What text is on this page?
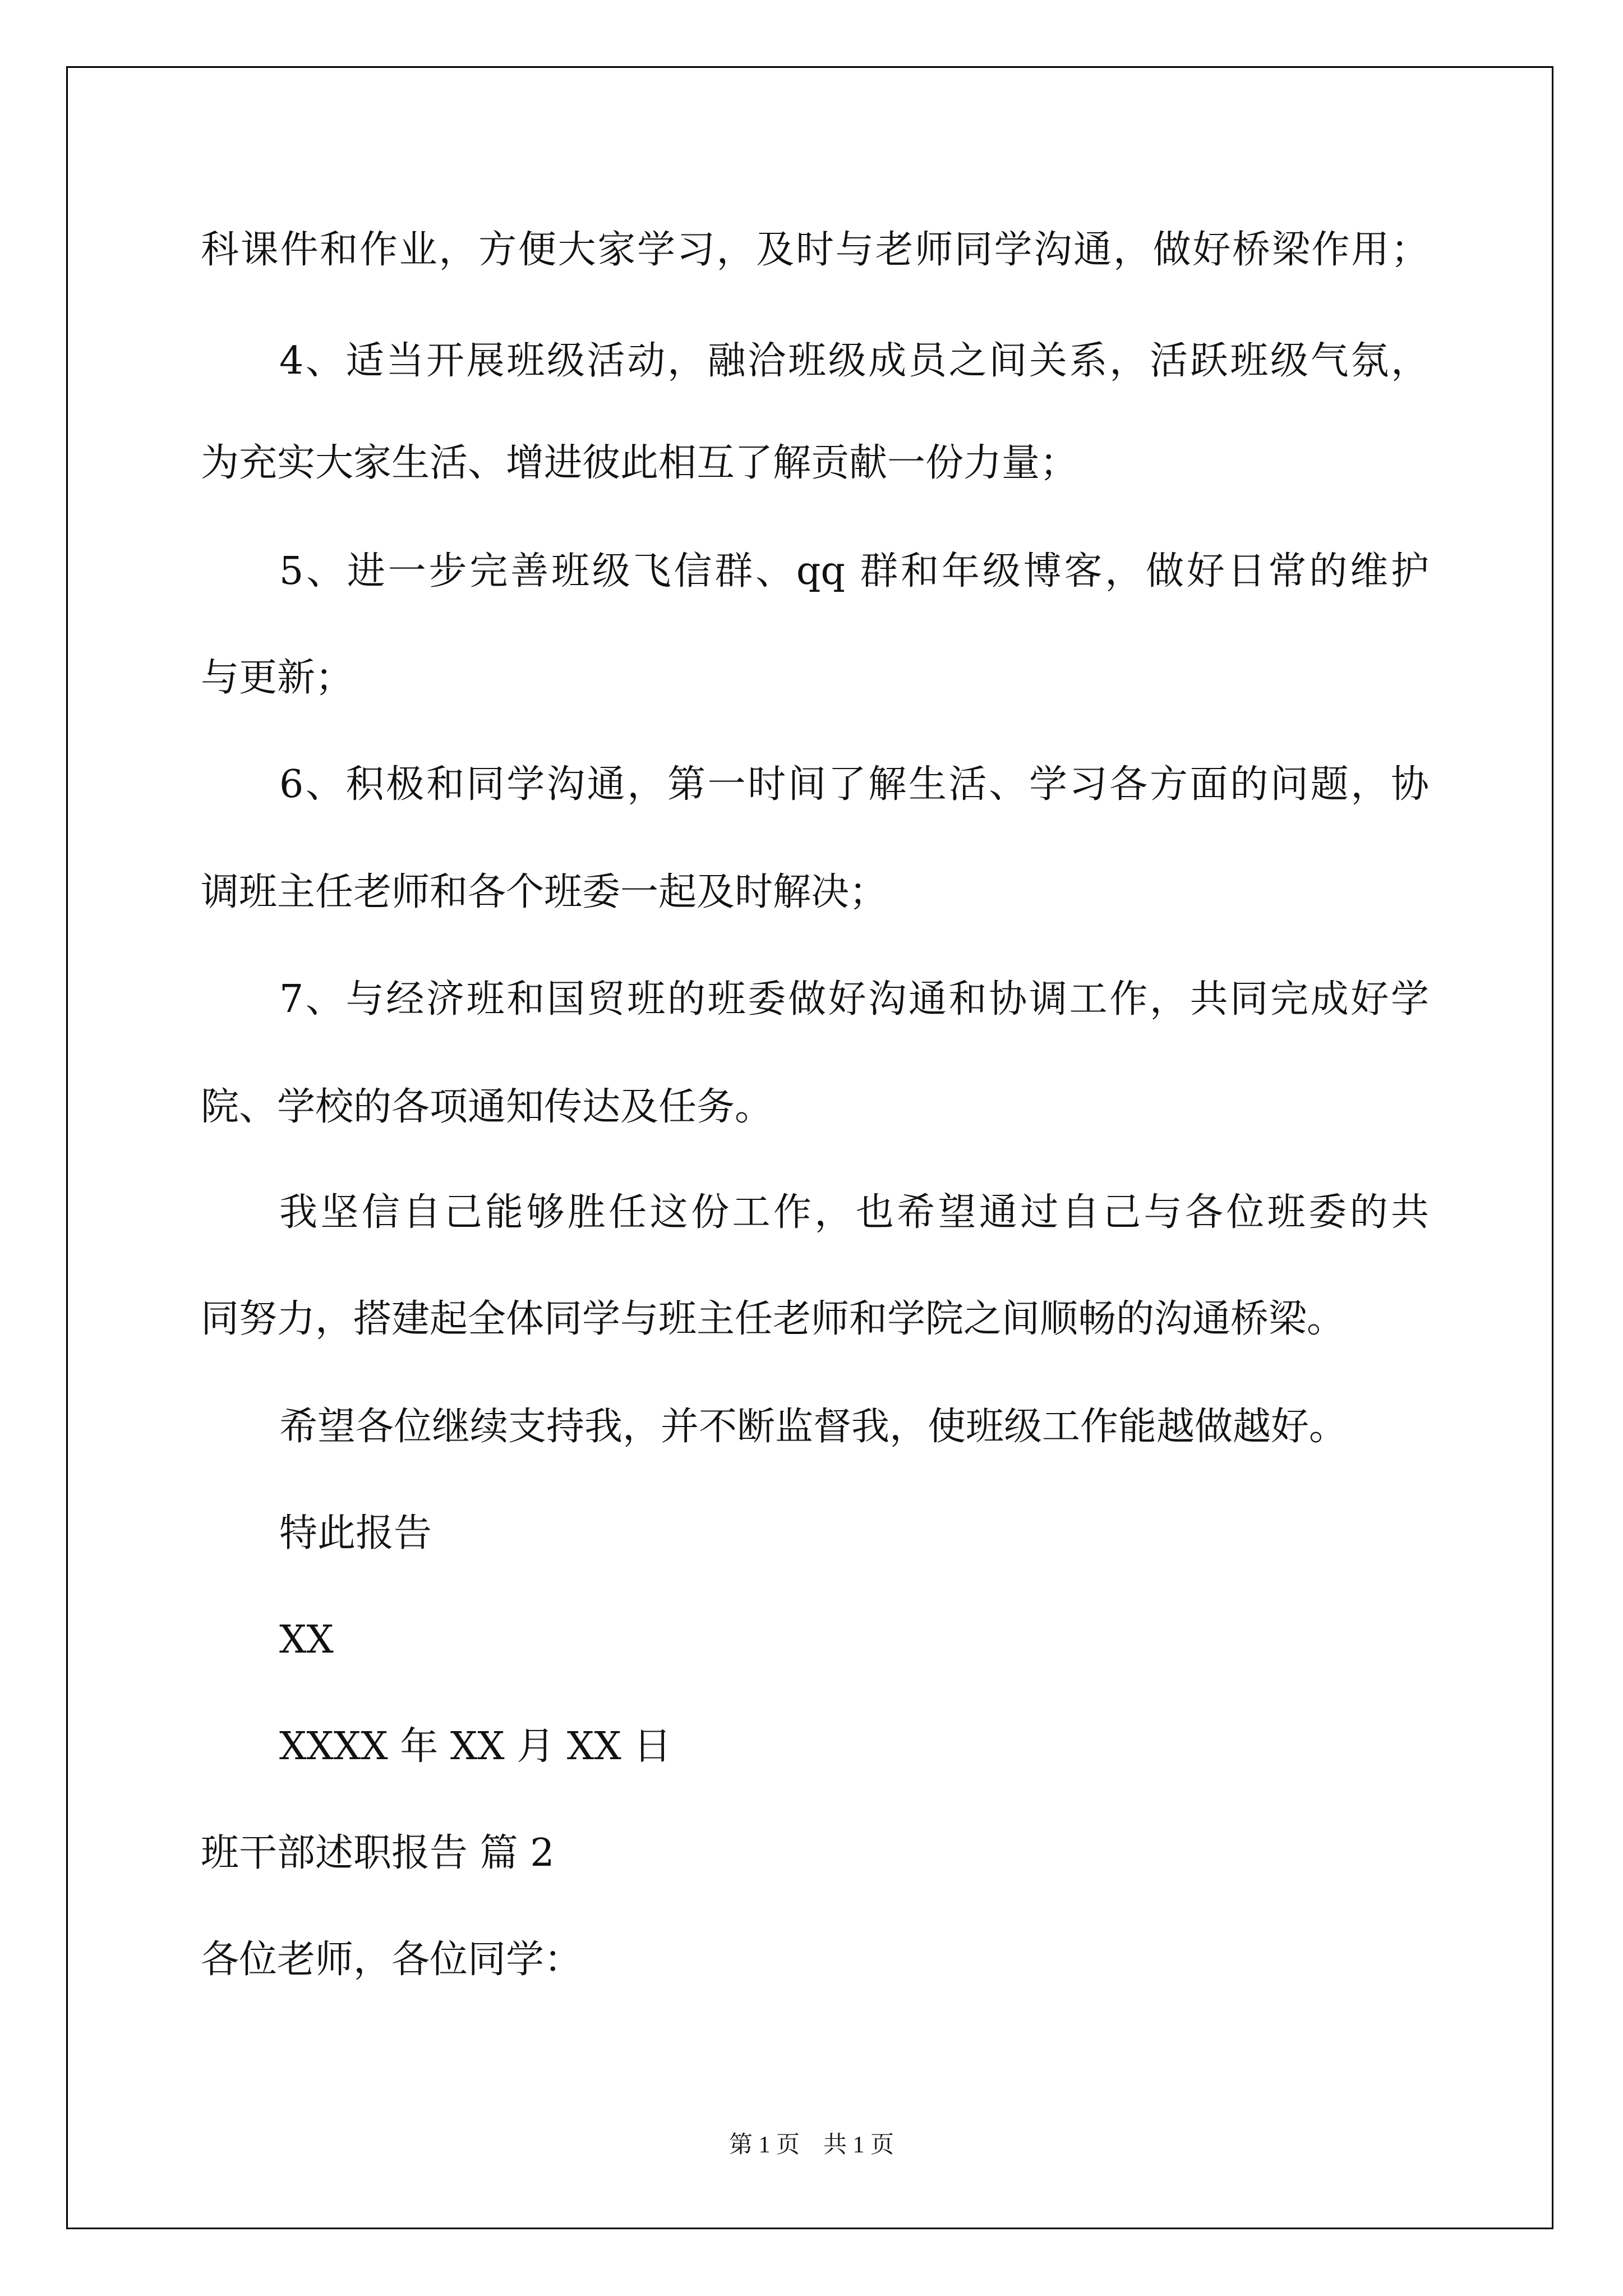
科课件和作业，方便大家学习，及时与老师同学沟通，做好桥梁作用；
4、适当开展班级活动，融洽班级成员之间关系，活跃班级气氛，
为充实大家生活、增进彼此相互了解贡献一份力量；
5、进一步完善班级飞信群、qq 群和年级博客，做好日常的维护
与更新；
6、积极和同学沟通，第一时间了解生活、学习各方面的问题，协
调班主任老师和各个班委一起及时解决；
7、与经济班和国贸班的班委做好沟通和协调工作，共同完成好学
院、学校的各项通知传达及任务。
我坚信自己能够胜任这份工作，也希望通过自己与各位班委的共
同努力，搭建起全体同学与班主任老师和学院之间顺畅的沟通桥梁。
希望各位继续支持我，并不断监督我，使班级工作能越做越好。
特此报告
XX
XXXX 年 XX 月 XX 日
班干部述职报告 篇 2
各位老师，各位同学：
第 1 页　共 1 页
